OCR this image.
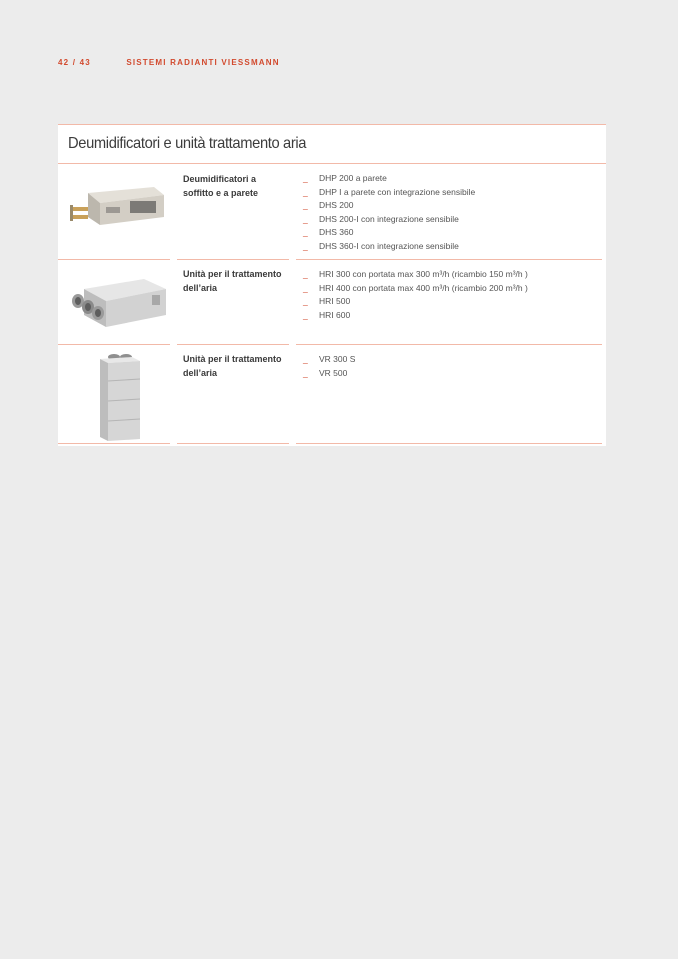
42 / 43	SISTEMI RADIANTI VIESSMANN
Deumidificatori e unità trattamento aria
Deumidificatori a soffitto e a parete
_ DHP 200 a parete
_ DHP I a parete con integrazione sensibile
_ DHS 200
_ DHS 200-I con integrazione sensibile
_ DHS 360
_ DHS 360-I con integrazione sensibile
Unità per il trattamento dell’aria
_ HRI 300 con portata max 300 m³/h (ricambio 150 m³/h )
_ HRI 400 con portata max 400 m³/h (ricambio 200 m³/h )
_ HRI 500
_ HRI 600
Unità per il trattamento dell’aria
_ VR 300 S
_ VR 500
